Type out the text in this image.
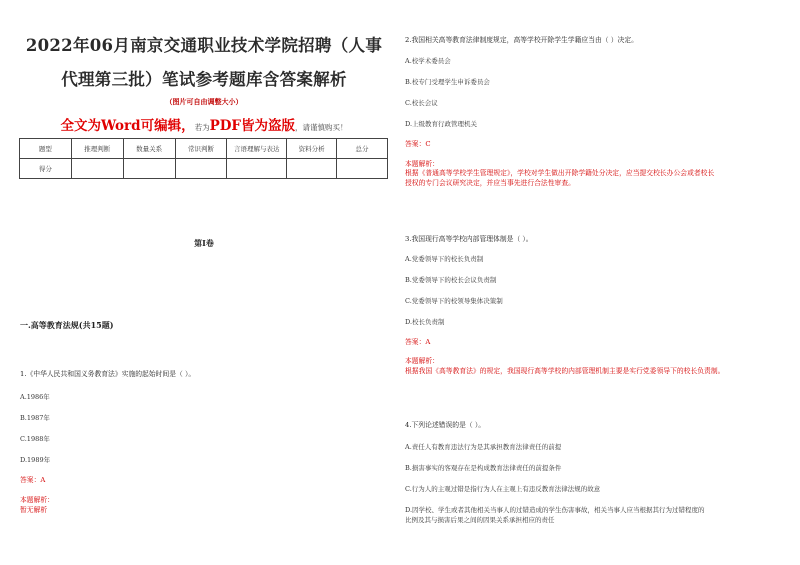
2022年06月南京交通职业技术学院招聘（人事
代理第三批）笔试参考题库含答案解析
（图片可自由调整大小）
全文为Word可编辑，若为PDF皆为盗版，请谨慎购买！
题型	推理判断	数量关系	常识判断	言语理解与表达	资料分析	总分
得分						
第I卷
一.高等教育法规(共15题)
1.《中华人民共和国义务教育法》实施的起始时间是（ ）。
A.1986年
B.1987年
C.1988年
D.1989年
答案：A
本题解析：
暂无解析
2.我国相关高等教育法律制度规定，高等学校开除学生学籍应当由（ ）决定。
A.校学术委员会
B.校专门受理学生申诉委员会
C.校长会议
D.上级教育行政管理机关
答案：C
本题解析：
根据《普通高等学校学生管理规定》，学校对学生做出开除学籍处分决定，应当提交校长办公会或者校长
授权的专门会议研究决定，并应当事先进行合法性审查。
3.我国现行高等学校内部管理体制是（ ）。
A.党委领导下的校长负责制
B.党委领导下的校长会议负责制
C.党委领导下的校领导集体决策制
D.校长负责制
答案：A
本题解析：
根据我国《高等教育法》的规定，我国现行高等学校的内部管理机制主要是实行党委领导下的校长负责制。
4.下列论述错误的是（ ）。
A.责任人有教育违法行为是其承担教育法律责任的前提
B.损害事实的客观存在是构成教育法律责任的前提条件
C.行为人的主观过错是指行为人在主观上有违反教育法律法规的故意
D.因学校、学生或者其他相关当事人的过错造成的学生伤害事故，相关当事人应当根据其行为过错程度的
比例及其与损害后果之间的因果关系承担相应的责任
